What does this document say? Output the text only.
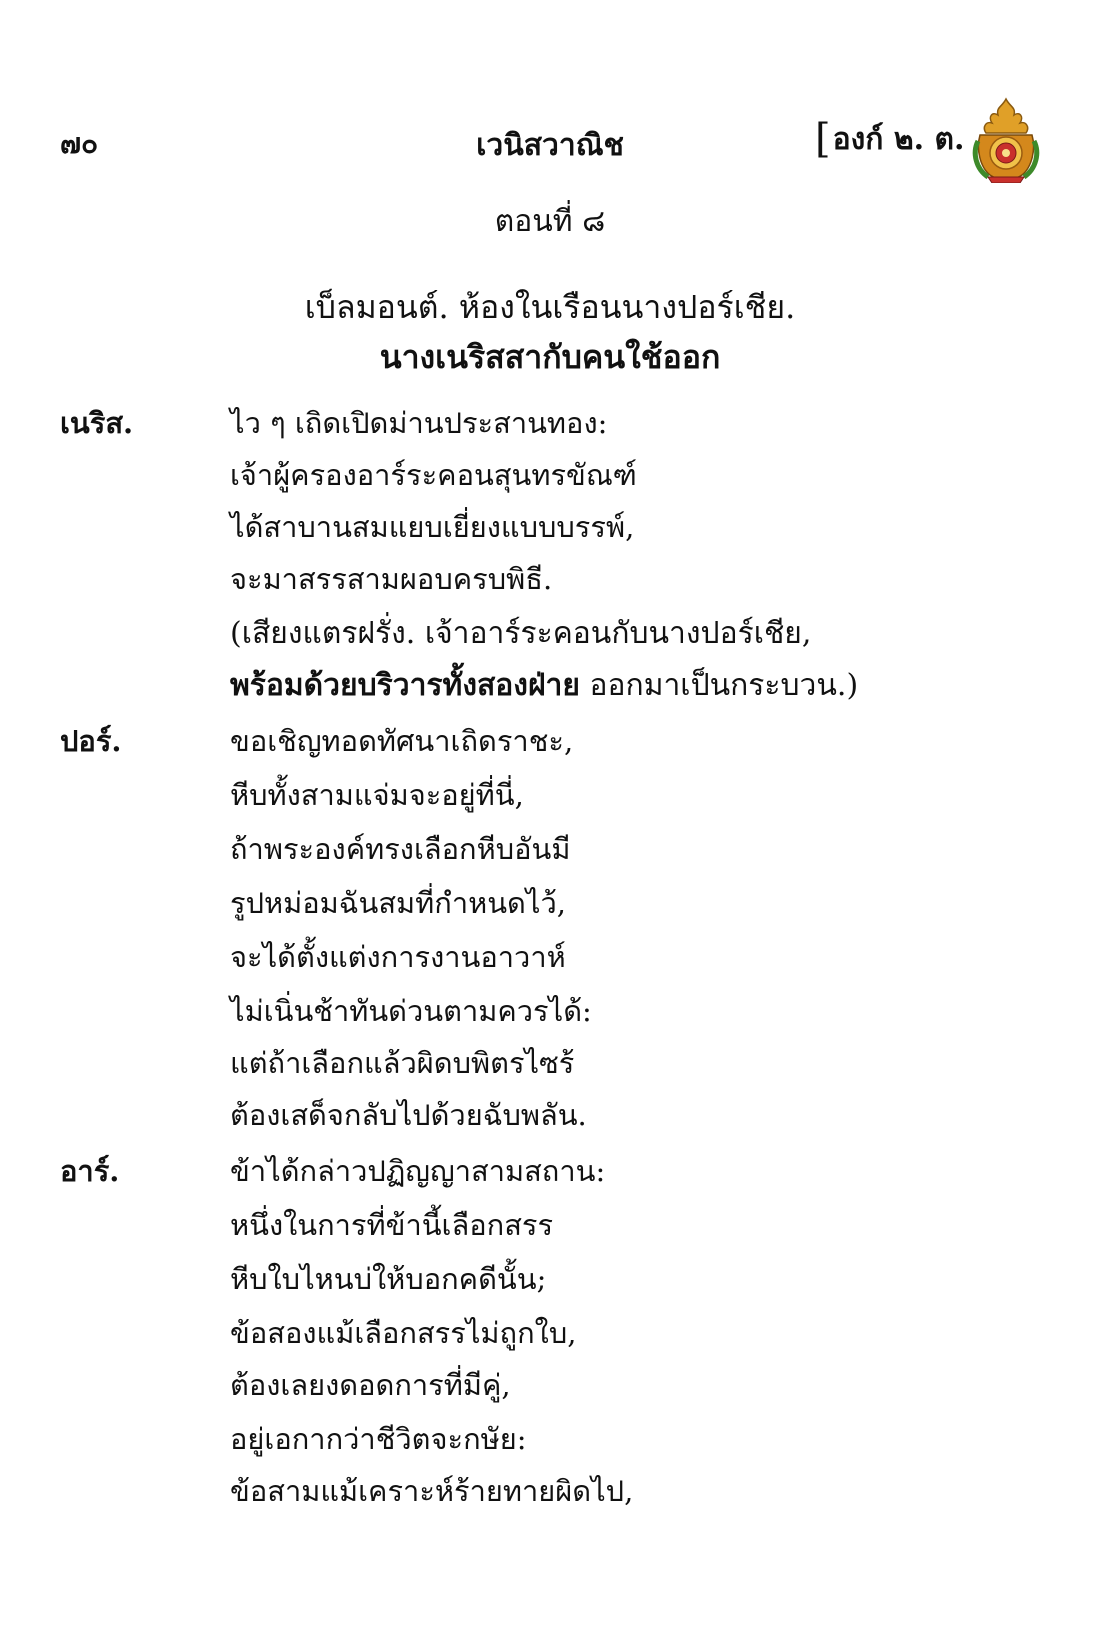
๗๐	เวนิสวาณิช	[องก์ ๒. ต.
ตอนที่ ๘
เบ็ลมอนต์. ห้องในเรือนนางปอร์เชีย.
นางเนริสสากับคนใช้ออก
เนริส.	ไว ๆ เถิดเปิดม่านประสานทอง:
เจ้าผู้ครองอาร์ระคอนสุนทรขัณฑ์
ได้สาบานสมแยบเยี่ยงแบบบรรพ์,
จะมาสรรสามผอบครบพิธี.
(เสียงแตรฝรั่ง. เจ้าอาร์ระคอนกับนางปอร์เชีย,
พร้อมด้วยบริวารทั้งสองฝ่าย ออกมาเป็นกระบวน.)
ปอร์.	ขอเชิญทอดทัศนาเถิดราชะ,
หีบทั้งสามแจ่มจะอยู่ที่นี่,
ถ้าพระองค์ทรงเลือกหีบอันมี
รูปหม่อมฉันสมที่กำหนดไว้,
จะได้ตั้งแต่งการงานอาวาห์
ไม่เนิ่นช้าทันด่วนตามควรได้:
แต่ถ้าเลือกแล้วผิดบพิตรไซร้
ต้องเสด็จกลับไปด้วยฉับพลัน.
อาร์.	ข้าได้กล่าวปฏิญญาสามสถาน:
หนึ่งในการที่ข้านี้เลือกสรร
หีบใบไหนบ่ให้บอกคดีนั้น;
ข้อสองแม้เลือกสรรไม่ถูกใบ,
ต้องเลยงดอดการที่มีคู่,
อยู่เอกากว่าชีวิตจะกษัย:
ข้อสามแม้เคราะห์ร้ายทายผิดไป,
